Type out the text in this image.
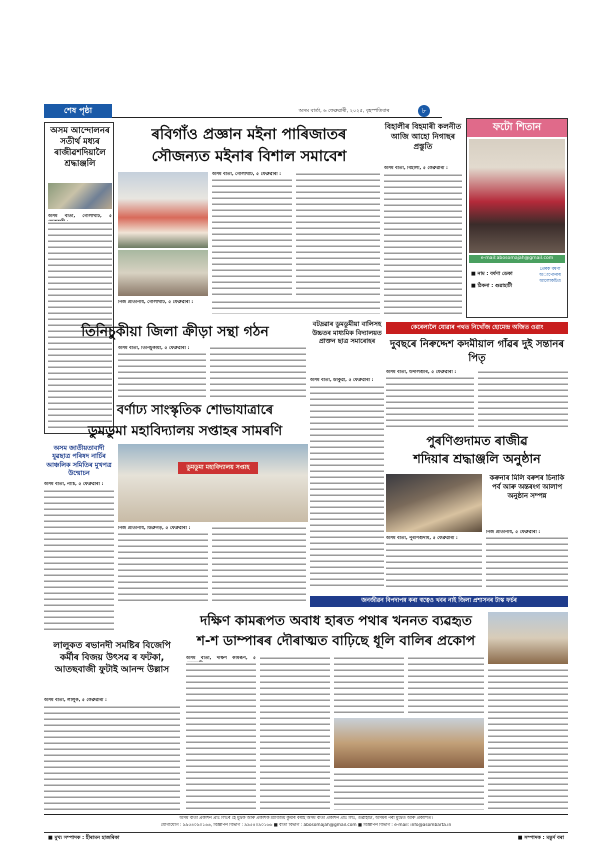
শেষ পৃষ্ঠা	অসম বাৰ্তা, ৬ ফেব্ৰুৱাৰী, ২০২৫, বৃহস্পতিবাৰ	৮
অসম আন্দোলনৰ সতীৰ্থ মধ্যৰ ৰাজীৱশদিয়ালৈ শ্ৰদ্ধাঞ্জলি
অসম বাৰ্তা, গোলাঘাট, ৫
ৰবিগাঁও প্ৰজ্ঞান মইনা পাৰিজাতৰ
সৌজন্যত মইনাৰ বিশাল সমাবেশ
অসম বাৰ্তা, গোলাঘাট, ৫ ফেব্ৰুৱাৰী :
নিজ প্ৰতিনিধি, গোলাঘাট, ৫ ফেব্ৰুৱাৰী :
বিহালীৰ বিহমাৰী কলনীত আজি আহো নিগাছৰ প্ৰস্তুতি
অসম বাৰ্তা, বিহালী, ৫ ফেব্ৰুৱাৰী :
ফটো শিতান
e-mail:abosomajah@gmail.com
■ নাম : বৰ্ষণা ডেকা
■ ঠিকনা : গুৱাহাটী
প্ৰেৰক বৰ্ষণা অাপোনাৰ আলোকচিত্ৰ
তিনিচুকীয়া জিলা ক্ৰীড়া সন্থা গঠন
অসম বাৰ্তা, তিনিচুকীয়া, ৫ ফেব্ৰুৱাৰী :
বৰ্ণাঢ্য সাংস্কৃতিক শোভাযাত্ৰাৰে
ডুমডুমা মহাবিদ্যালয় সপ্তাহৰ সামৰণি
ডুমডুমা মহাবিদ্যালয় সপ্তাহ
নিজ প্ৰতিনিধি, ডিব্ৰুগড়, ৫ ফেব্ৰুৱাৰী :
অসম জাতীয়তাবাদী যুৱছাত্ৰ পৰিষদ নাৰ্চিৰ আঞ্চলিক সমিতিৰ মুখপত্ৰ উন্মোচন
অসম বাৰ্তা, নাৰ্চি, ৫ ফেব্ৰুৱাৰী :
বটদ্ৰৱাৰ ডুমডুমীয়া বালিসহ উচ্চতৰ মাধ্যমিক বিদ্যালয়ত প্ৰাক্তন ছাত্ৰ সমাৰোহৰ
অসম বাৰ্তা, ডাকুৱা, ৫ ফেব্ৰুৱাৰী :
কেৰেলালৈ যোৱাৰ পথত নিখোঁজ হোমেন্দ্ৰ অজিত ওৱাং
দুবছৰে নিৰুদ্দেশ কদমীয়াল গাঁৱৰ দুই সন্তানৰ পিতৃ
অসম বাৰ্তা, উদালগুৰি, ৫ ফেব্ৰুৱাৰী :
পুৰণিগুদামত ৰাজীৱ
শদিয়াৰ শ্ৰদ্ধাঞ্জলি অনুষ্ঠান
কৰুনাৰ মিলি বৰুশৰ চিনাকি পৰ্ব আৰু অন্তৰংগ আলাপ অনুষ্ঠান সম্পন্ন
অসম বাৰ্তা, পুৰণিগুদাম, ৫ ফেব্ৰুৱাৰী :
নিজ প্ৰতিনিধি, ৫ ফেব্ৰুৱাৰী :
জনজীৱন বিপদাপন্ন কৰা স্বত্বেও খবৰ নাই জিলা প্ৰশাসনৰ টাস্ক ফৰ্চৰ
লালুকত ৰভানদী সমষ্টিৰ বিজেপি কৰ্মীৰ বিজয় উৎসৱ ৰ ফটকা, আতছবাজী ফুটাই আনন্দ উল্লাস
অসম বাৰ্তা, লালুক, ৫ ফেব্ৰুৱাৰী :
দক্ষিণ কামৰূপত অবাধ হাৰত পথাৰ খননত ব্যৱহৃত
শ-শ ডাম্পাৰৰ দৌৰাত্মত বাঢ়িছে ধূলি বালিৰ প্ৰকোপ
অসম বাৰ্তা, দক্ষিণ কামৰূপ, ৫
অসম বাৰ্তা প্ৰকাশন প্ৰাঃ লিঃৰ হৈ মুদ্ৰক আৰু প্ৰকাশক শ্ৰীবিজয় কুমাৰ বৰাই অসম বাৰ্তা প্ৰকাশন প্ৰাঃ লিঃ, গুৱাহাটী, অসমৰ পৰা মুদ্ৰিত আৰু প্ৰকাশিত।
যোগাযোগ : ৯৯৫৪০৯০১৬৬, বিজ্ঞাপন বিভাগ : ৯৯৫৪০৯০১৬৬ ■ বাৰ্তা বিভাগ : abosomajah@gmail.com ■ বিজ্ঞাপন বিভাগ : e-mail: info@asombarta.in
■ মুখ্য সম্পাদক : হীৰামন হাজৰিকা	■ সম্পাদক : মন্তুৰ্দ বৰা
